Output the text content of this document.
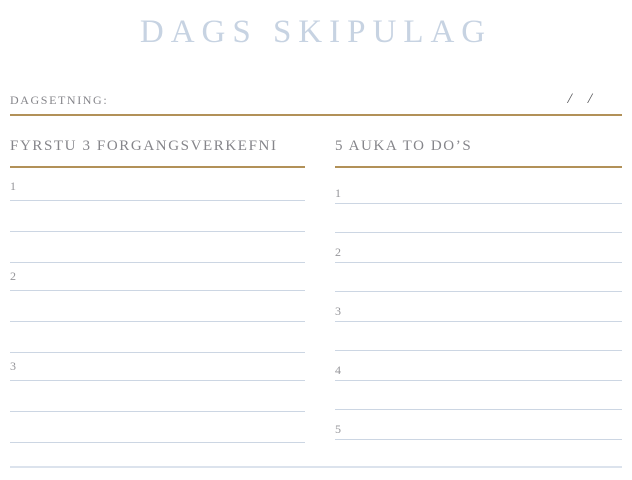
DAGS SKIPULAG
DAGSETNING:	/ /
FYRSTU 3 FORGANGSVERKEFNI
1
2
3
5 AUKA TO DO’S
1
2
3
4
5
